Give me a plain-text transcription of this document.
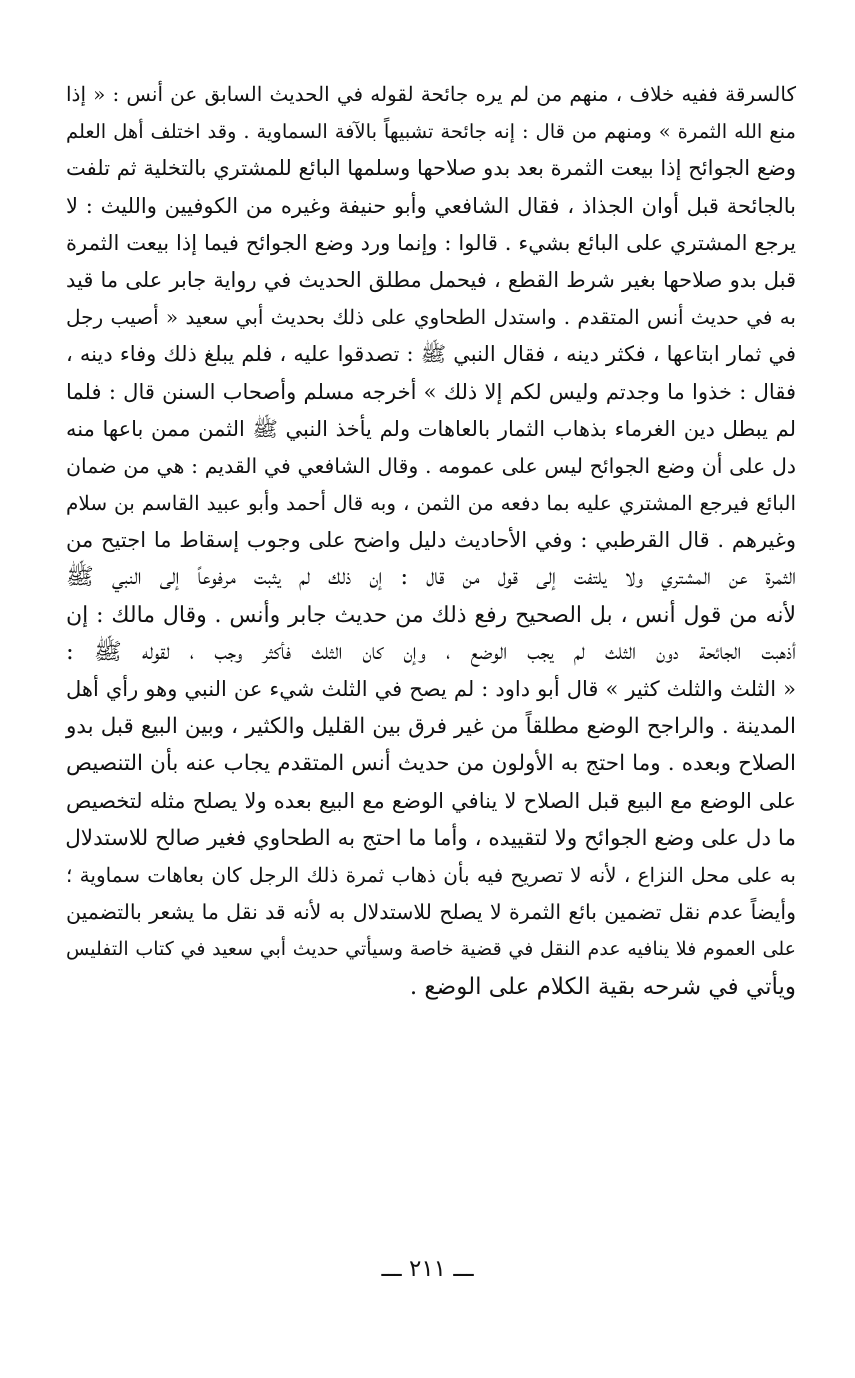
كالسرقة ففيه خلاف ، منهم من لم يره جائحة لقوله في الحديث السابق عن أنس : « إذا
منع الله الثمرة » ومنهم من قال : إنه جائحة تشبيهاً بالآفة السماوية . وقد اختلف أهل العلم
وضع الجوائح إذا بيعت الثمرة بعد بدو صلاحها وسلمها البائع للمشتري بالتخلية ثم تلفت
بالجائحة قبل أوان الجذاذ ، فقال الشافعي وأبو حنيفة وغيره من الكوفيين والليث : لا
يرجع المشتري على البائع بشيء . قالوا : وإنما ورد وضع الجوائح فيما إذا بيعت الثمرة
قبل بدو صلاحها بغير شرط القطع ، فيحمل مطلق الحديث في رواية جابر على ما قيد
به في حديث أنس المتقدم . واستدل الطحاوي على ذلك بحديث أبي سعيد « أصيب رجل
في ثمار ابتاعها ، فكثر دينه ، فقال النبي ﷺ : تصدقوا عليه ، فلم يبلغ ذلك وفاء دينه ،
فقال : خذوا ما وجدتم وليس لكم إلا ذلك » أخرجه مسلم وأصحاب السنن قال : فلما
لم يبطل دين الغرماء بذهاب الثمار بالعاهات ولم يأخذ النبي ﷺ الثمن ممن باعها منه
دل على أن وضع الجوائح ليس على عمومه . وقال الشافعي في القديم : هي من ضمان
البائع فيرجع المشتري عليه بما دفعه من الثمن ، وبه قال أحمد وأبو عبيد القاسم بن سلام
وغيرهم . قال القرطبي : وفي الأحاديث دليل واضح على وجوب إسقاط ما اجتيح من
الثمرة عن المشتري ولا يلتفت إلى قول من قال : إن ذلك لم يثبت مرفوعاً إلى النبي ﷺ
لأنه من قول أنس ، بل الصحيح رفع ذلك من حديث جابر وأنس . وقال مالك : إن
أذهبت الجائحة دون الثلث لم يجب الوضع ، وإن كان الثلث فأكثر وجب ، لقوله ﷺ :
« الثلث والثلث كثير » قال أبو داود : لم يصح في الثلث شيء عن النبي وهو رأي أهل
المدينة . والراجح الوضع مطلقاً من غير فرق بين القليل والكثير ، وبين البيع قبل بدو
الصلاح وبعده . وما احتج به الأولون من حديث أنس المتقدم يجاب عنه بأن التنصيص
على الوضع مع البيع قبل الصلاح لا ينافي الوضع مع البيع بعده ولا يصلح مثله لتخصيص
ما دل على وضع الجوائح ولا لتقييده ، وأما ما احتج به الطحاوي فغير صالح للاستدلال
به على محل النزاع ، لأنه لا تصريح فيه بأن ذهاب ثمرة ذلك الرجل كان بعاهات سماوية ؛
وأيضاً عدم نقل تضمين بائع الثمرة لا يصلح للاستدلال به لأنه قد نقل ما يشعر بالتضمين
على العموم فلا ينافيه عدم النقل في قضية خاصة وسيأتي حديث أبي سعيد في كتاب التفليس
ويأتي في شرحه بقية الكلام على الوضع .
ـــ ٢١١ ـــ
